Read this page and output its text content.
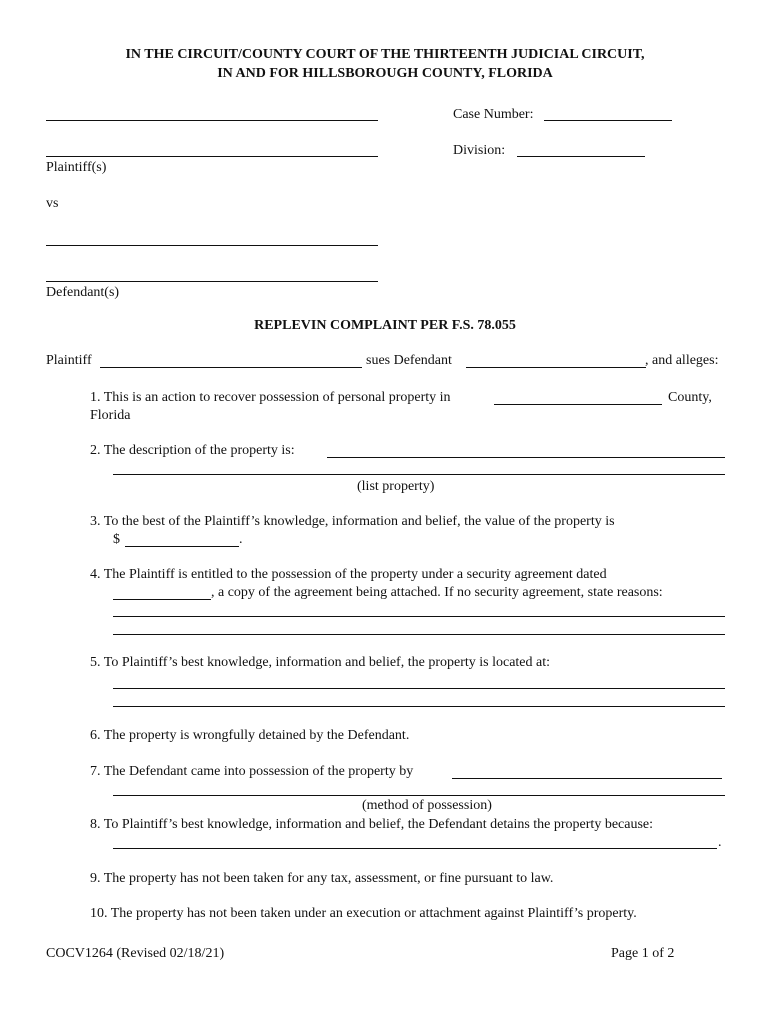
IN THE CIRCUIT/COUNTY COURT OF THE THIRTEENTH JUDICIAL CIRCUIT,
IN AND FOR HILLSBOROUGH COUNTY, FLORIDA
Case Number:
Division:
Plaintiff(s)
vs
Defendant(s)
REPLEVIN COMPLAINT PER F.S. 78.055
Plaintiff	sues Defendant	, and alleges:
1. This is an action to recover possession of personal property in	County,
Florida
2. The description of the property is:
(list property)
3. To the best of the Plaintiff’s knowledge, information and belief, the value of the property is
$	.
4. The Plaintiff is entitled to the possession of the property under a security agreement dated
, a copy of the agreement being attached. If no security agreement, state reasons:
5. To Plaintiff’s best knowledge, information and belief, the property is located at:
6. The property is wrongfully detained by the Defendant.
7. The Defendant came into possession of the property by
(method of possession)
8. To Plaintiff’s best knowledge, information and belief, the Defendant detains the property because:
.
9. The property has not been taken for any tax, assessment, or fine pursuant to law.
10. The property has not been taken under an execution or attachment against Plaintiff’s property.
COCV1264 (Revised 02/18/21)	Page 1 of 2
